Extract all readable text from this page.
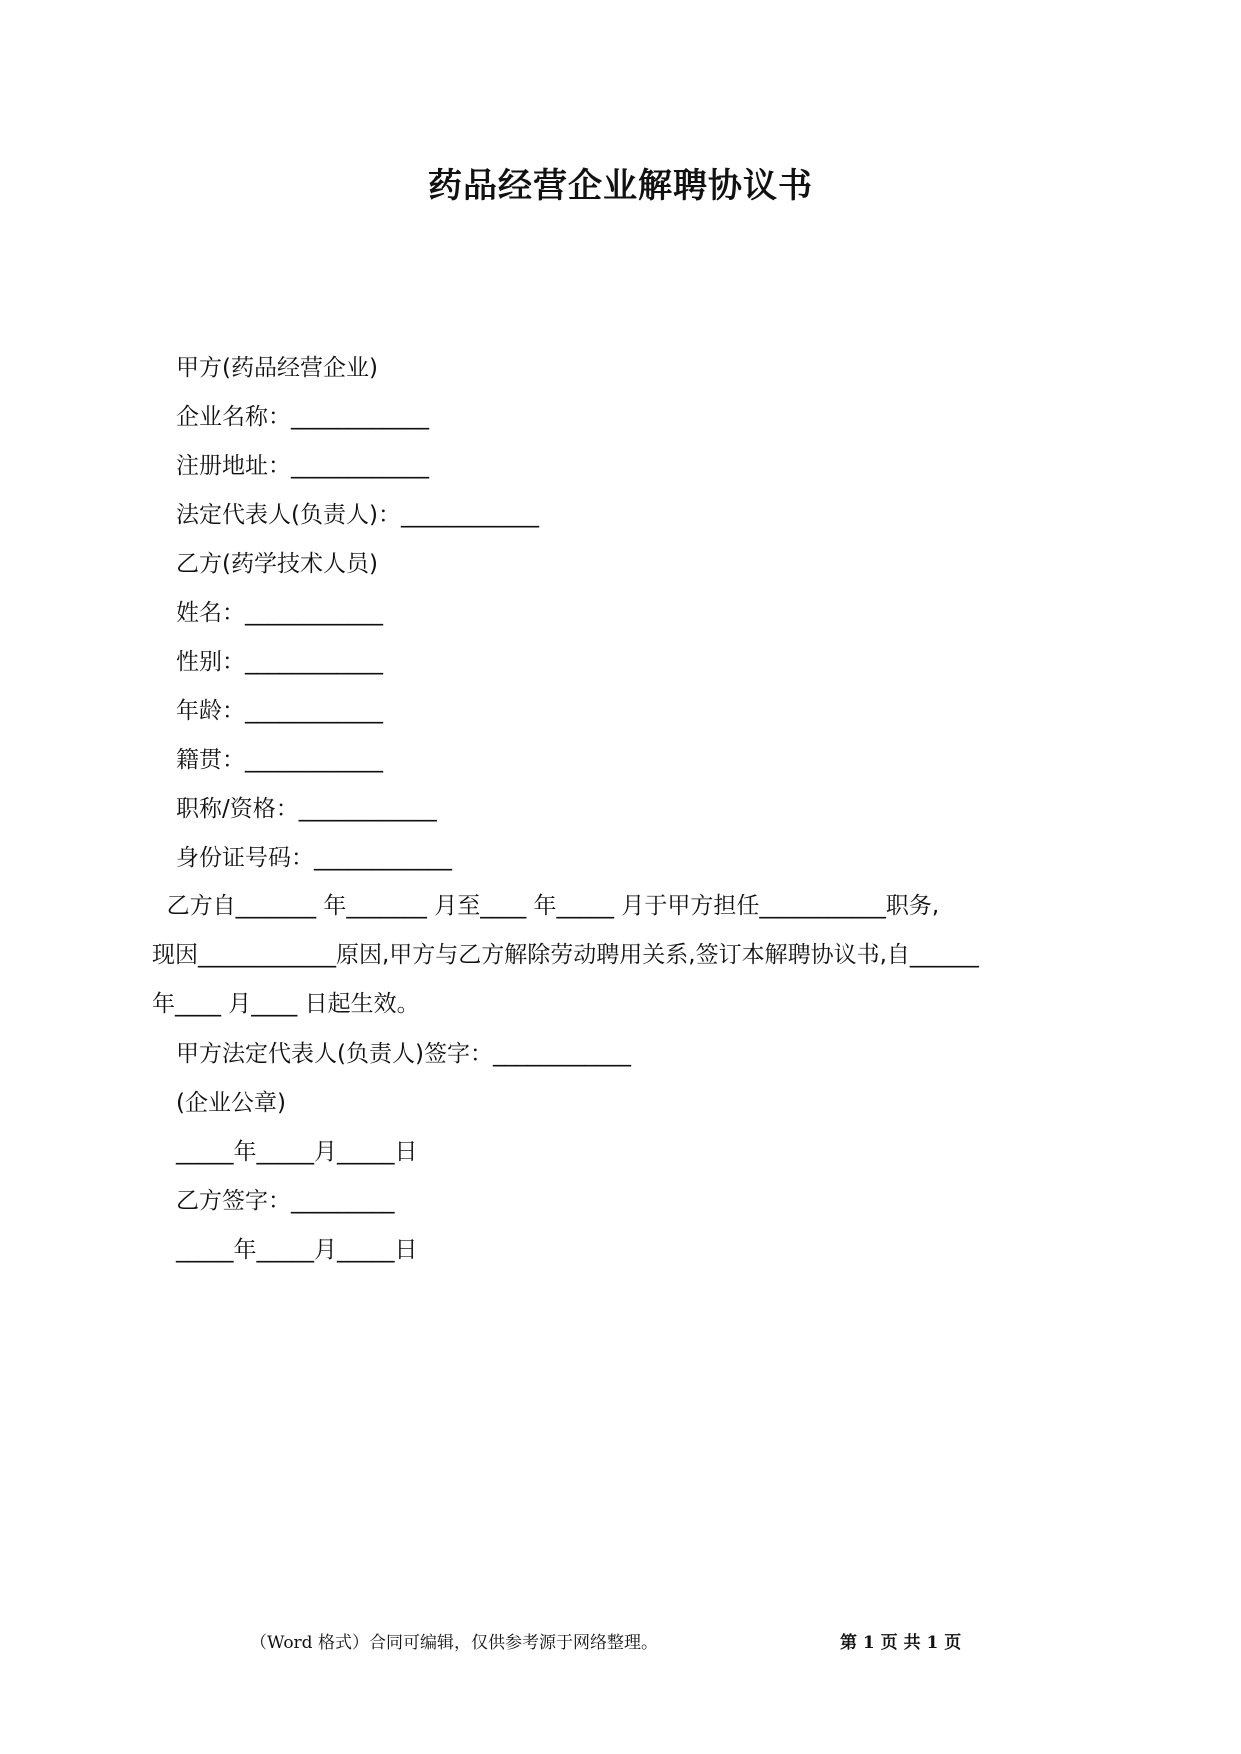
药品经营企业解聘协议书
甲方(药品经营企业)
企业名称：____________
注册地址：____________
法定代表人(负责人)：____________
乙方(药学技术人员)
姓名：____________
性别：____________
年龄：____________
籍贯：____________
职称/资格：____________
身份证号码：____________
乙方自_______ 年_______ 月至____ 年_____ 月于甲方担任___________职务,
现因____________原因,甲方与乙方解除劳动聘用关系,签订本解聘协议书,自______
年____ 月____ 日起生效。
甲方法定代表人(负责人)签字：____________
(企业公章)
_____年_____月_____日
乙方签字：_________
_____年_____月_____日
（Word 格式）合同可编辑，仅供参考源于网络整理。	第 1 页 共 1 页
